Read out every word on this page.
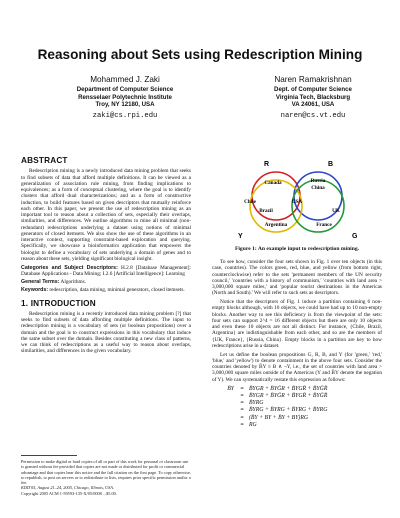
Reasoning about Sets using Redescription Mining
Mohammed J. Zaki
Department of Computer Science
Rensselaer Polytechnic Institute
Troy, NY 12180, USA
zaki@cs.rpi.edu
Naren Ramakrishnan
Dept. of Computer Science
Virginia Tech, Blacksburg
VA 24061, USA
naren@cs.vt.edu
ABSTRACT

Redescription mining is a newly introduced data mining problem that seeks to find subsets of data that afford multiple definitions. It can be viewed as a generalization of association rule mining, from finding implications to equivalences; as a form of conceptual clustering, where the goal is to identify clusters that afford dual characterizations; and as a form of constructive induction, to build features based on given descriptors that mutually reinforce each other. In this paper, we present the use of redescription mining as an important tool to reason about a collection of sets, especially their overlaps, similarities, and differences. We outline algorithms to mine all minimal (non-redundant) redescriptions underlying a dataset using notions of minimal generators of closed itemsets. We also show the use of these algorithms in an interactive context, supporting constraint-based exploration and querying. Specifically, we showcase a bioinformatics application that empowers the biologist to define a vocabulary of sets underlying a domain of genes and to reason about these sets, yielding significant biological insight.

Categories and Subject Descriptors: H.2.8 [Database Management]: Database Applications - Data Mining; I.2.6 [Artificial Intelligence]: Learning

General Terms: Algorithms.

Keywords: redescription, data mining, minimal generators, closed itemsets.

1. INTRODUCTION

Redescription mining is a recently introduced data mining problem [?] that seeks to find subsets of data affording multiple definitions. The input to redescription mining is a vocabulary of sets (or boolean propositions) over a domain and the goal is to construct expressions in this vocabulary that induce the same subset over the domain. Besides constituting a new class of patterns, we can think of redescriptions as a useful way to reason about overlaps, similarities, and differences in the given vocabulary.

Permission to make digital or hard copies of all or part of this work for personal or classroom use is granted without fee provided that copies are not made or distributed for profit or commercial advantage and that copies bear this notice and the full citation on the first page. To copy otherwise, to republish, to post on servers or to redistribute to lists, requires prior specific permission and/or a fee.
KDD'05, August 21–24, 2005, Chicago, Illinois, USA.
Copyright 2005 ACM 1-59593-135-X/05/0008 ...$5.00.
R	B
Y	G
Canada	Russia
China
Chile
Brazil
USA
UK
Argentina	France
Figure 1: An example input to redescription mining.

To see how, consider the four sets shown in Fig. 1 over ten objects (in this case, countries). The colors green, red, blue, and yellow (from bottom right, counterclockwise) refer to the sets 'permanent members of the UN security council,' 'countries with a history of communism,' 'countries with land area > 3,000,000 square miles,' and 'popular tourist destinations in the Americas (North and South).' We will refer to such sets as descriptors.

Notice that the descriptors of Fig. 1 induce a partition containing 6 non-empty blocks although, with 10 objects, we could have had up to 10 non-empty blocks. Another way to see this deficiency is from the viewpoint of the sets: four sets can support 2^4 = 16 different objects but there are only 10 objects and even these 10 objects are not all distinct. For instance, {Chile, Brazil, Argentina} are indistinguishable from each other, and so are the members of {UK, France}, {Russia, China}. Empty blocks in a partition are key to how redescriptions arise in a dataset.

Let us define the boolean propositions G, R, B, and Y (for 'green,' 'red,' 'blue,' and 'yellow') to denote containment in the above four sets. Consider the countries denoted by B̄Y ≡ B ∧ ¬Y, i.e., the set of countries with land area > 3,000,000 square miles outside of the Americas (Y and B̄Y denote the negation of Y). We can systematically restate this expression as follows:

B̄Y	≡ B̄YGR + B̄YḠR + B̄YGR̄ + B̄YḠR̄
≡ B̄YGR + B̄YḠR + B̄YGR̄ + B̄YḠR̄
≡ B̄YRG
≡ B̄YRG + B̄YRG + B̄YRG + B̄YRG
≡ (B̄Y + BY + B̄Y + BY)RG
≡ RG
